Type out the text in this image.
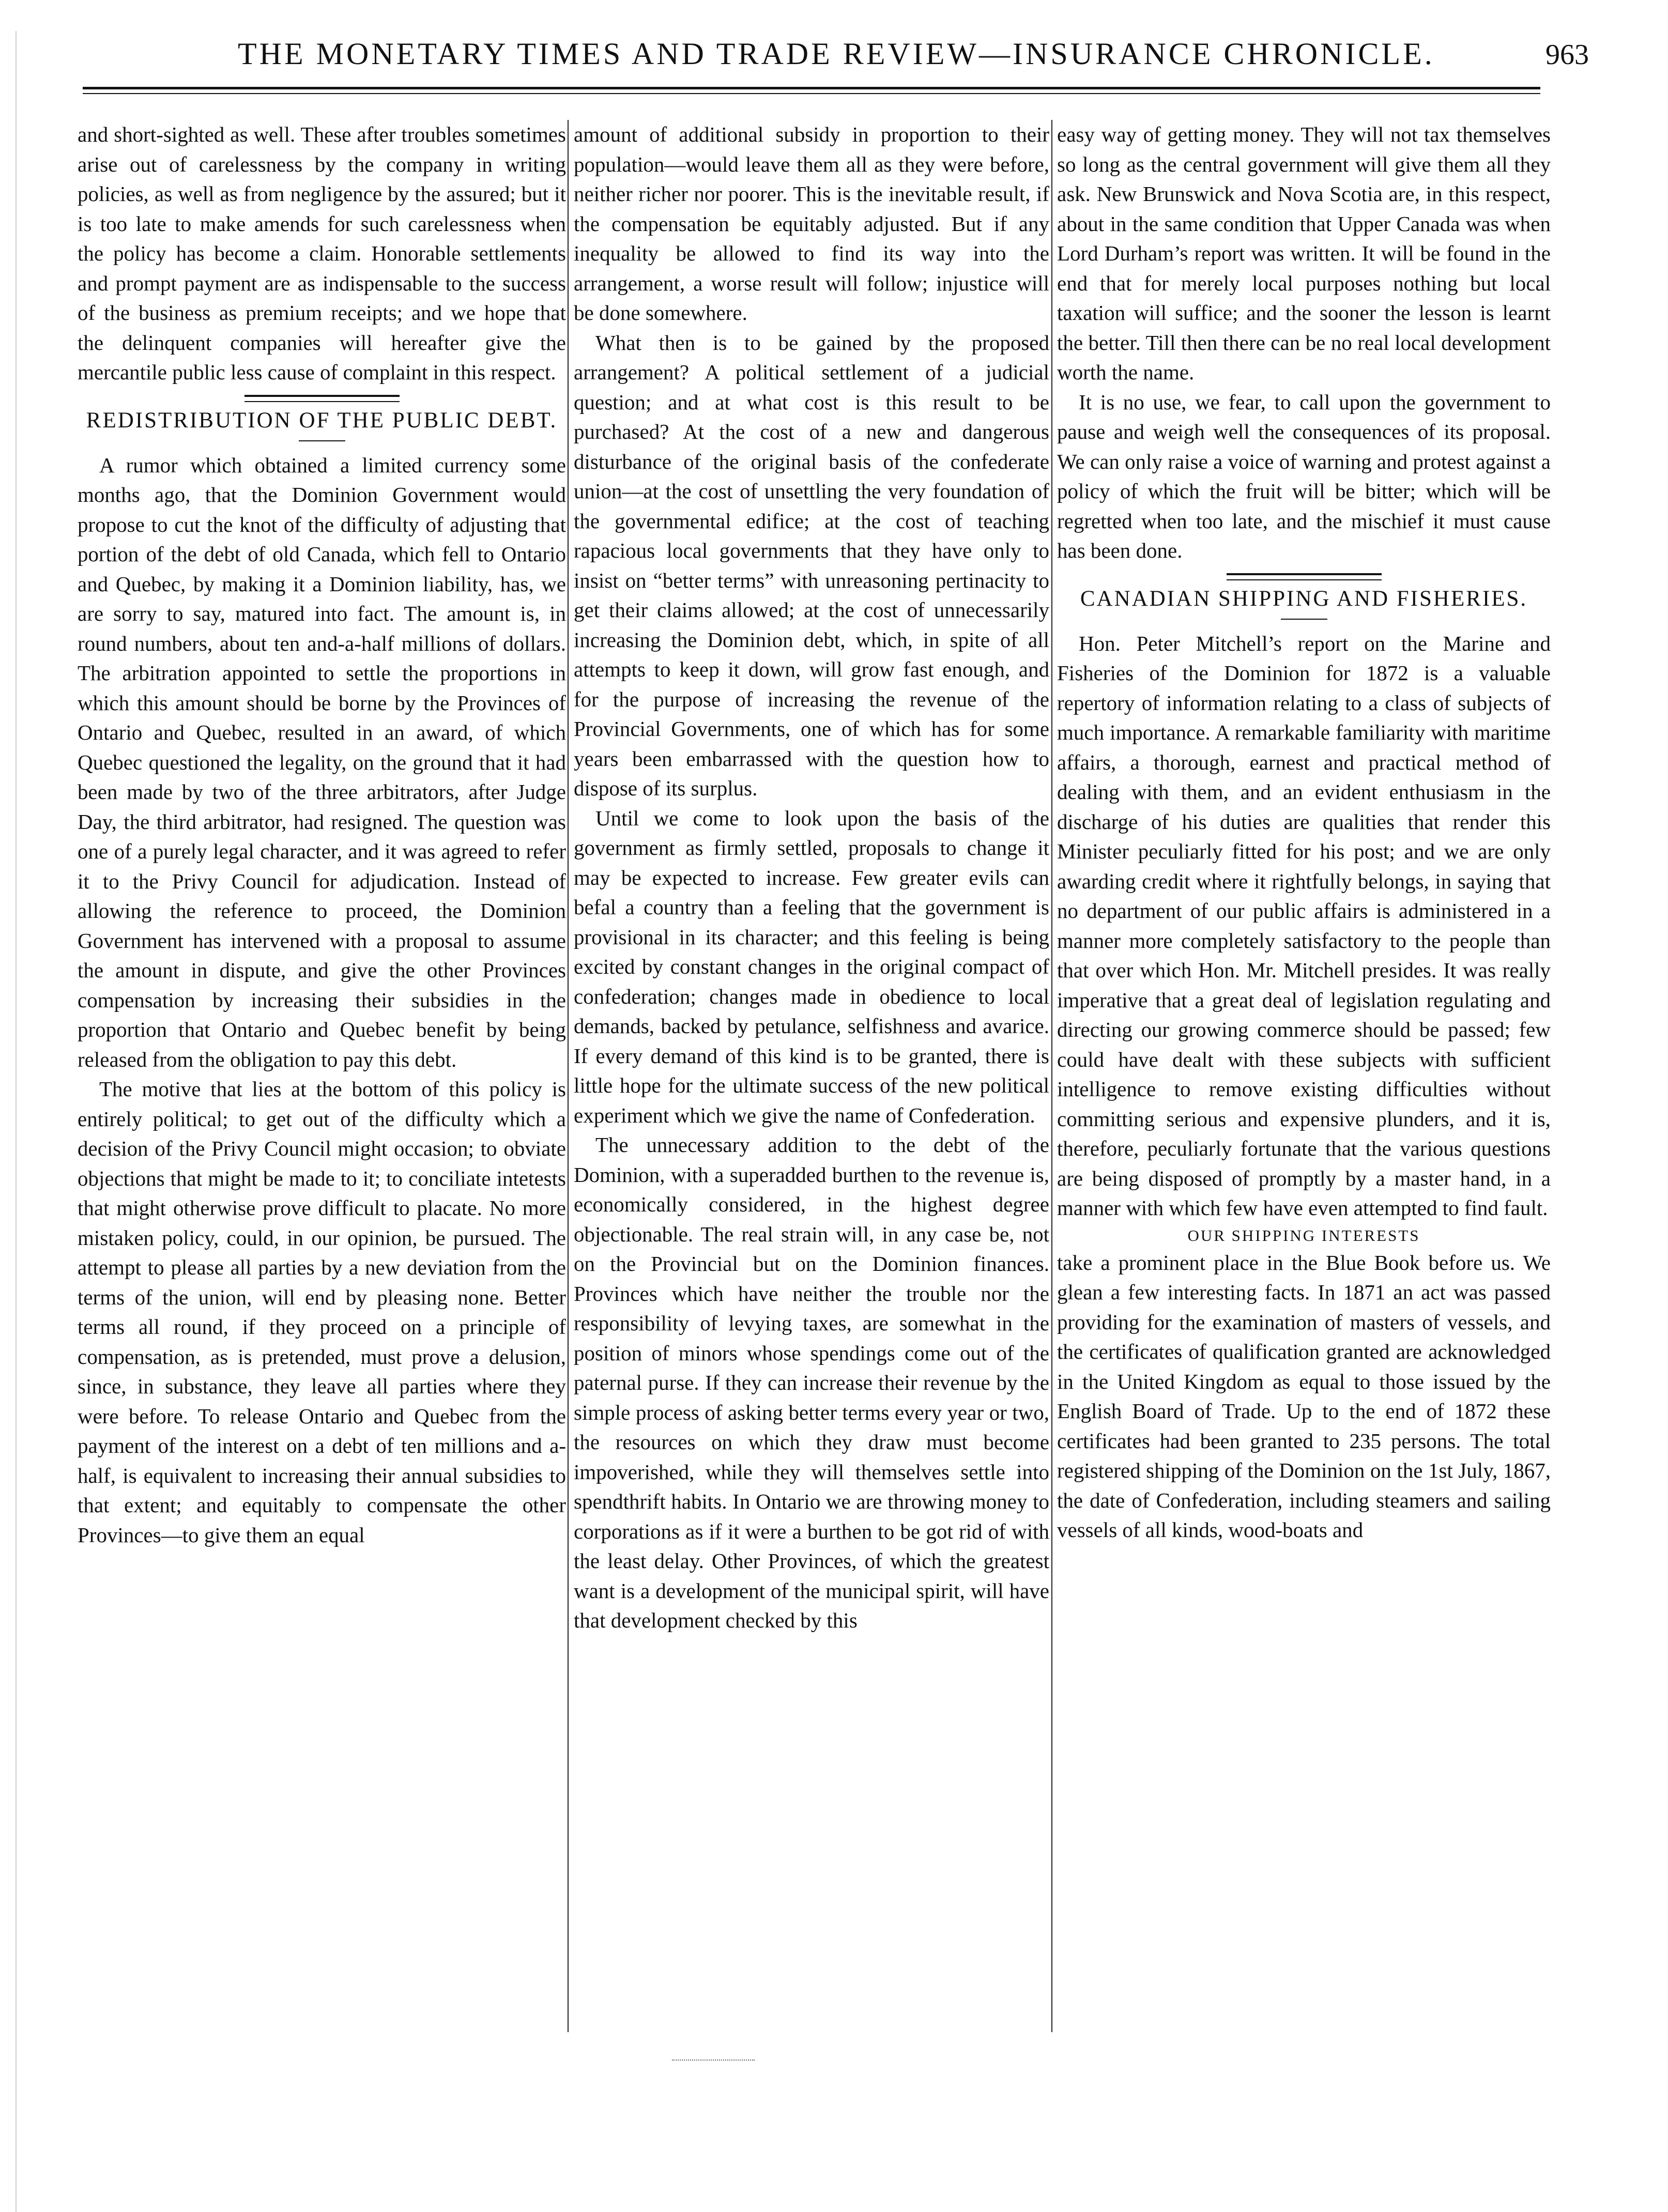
THE MONETARY TIMES AND TRADE REVIEW—INSURANCE CHRONICLE.	963

and short-sighted as well. These after troubles sometimes arise out of carelessness by the company in writing policies, as well as from negligence by the assured; but it is too late to make amends for such carelessness when the policy has become a claim. Honorable settlements and prompt payment are as indispensable to the success of the business as premium receipts; and we hope that the delinquent companies will hereafter give the mercantile public less cause of complaint in this respect.

REDISTRIBUTION OF THE PUBLIC DEBT.

A rumor which obtained a limited currency some months ago, that the Dominion Government would propose to cut the knot of the difficulty of adjusting that portion of the debt of old Canada, which fell to Ontario and Quebec, by making it a Dominion liability, has, we are sorry to say, matured into fact. The amount is, in round numbers, about ten and-a-half millions of dollars. The arbitration appointed to settle the proportions in which this amount should be borne by the Provinces of Ontario and Quebec, resulted in an award, of which Quebec questioned the legality, on the ground that it had been made by two of the three arbitrators, after Judge Day, the third arbitrator, had resigned. The question was one of a purely legal character, and it was agreed to refer it to the Privy Council for adjudication. Instead of allowing the reference to proceed, the Dominion Government has intervened with a proposal to assume the amount in dispute, and give the other Provinces compensation by increasing their subsidies in the proportion that Ontario and Quebec benefit by being released from the obligation to pay this debt.

The motive that lies at the bottom of this policy is entirely political; to get out of the difficulty which a decision of the Privy Council might occasion; to obviate objections that might be made to it; to conciliate intetests that might otherwise prove difficult to placate. No more mistaken policy, could, in our opinion, be pursued. The attempt to please all parties by a new deviation from the terms of the union, will end by pleasing none. Better terms all round, if they proceed on a principle of compensation, as is pretended, must prove a delusion, since, in substance, they leave all parties where they were before. To release Ontario and Quebec from the payment of the interest on a debt of ten millions and a-half, is equivalent to increasing their annual subsidies to that extent; and equitably to compensate the other Provinces—to give them an equal

amount of additional subsidy in proportion to their population—would leave them all as they were before, neither richer nor poorer. This is the inevitable result, if the compensation be equitably adjusted. But if any inequality be allowed to find its way into the arrangement, a worse result will follow; injustice will be done somewhere.

What then is to be gained by the proposed arrangement? A political settlement of a judicial question; and at what cost is this result to be purchased? At the cost of a new and dangerous disturbance of the original basis of the confederate union—at the cost of unsettling the very foundation of the governmental edifice; at the cost of teaching rapacious local governments that they have only to insist on “better terms” with unreasoning pertinacity to get their claims allowed; at the cost of unnecessarily increasing the Dominion debt, which, in spite of all attempts to keep it down, will grow fast enough, and for the purpose of increasing the revenue of the Provincial Governments, one of which has for some years been embarrassed with the question how to dispose of its surplus.

Until we come to look upon the basis of the government as firmly settled, proposals to change it may be expected to increase. Few greater evils can befal a country than a feeling that the government is provisional in its character; and this feeling is being excited by constant changes in the original compact of confederation; changes made in obedience to local demands, backed by petulance, selfishness and avarice. If every demand of this kind is to be granted, there is little hope for the ultimate success of the new political experiment which we give the name of Confederation.

The unnecessary addition to the debt of the Dominion, with a superadded burthen to the revenue is, economically considered, in the highest degree objectionable. The real strain will, in any case be, not on the Provincial but on the Dominion finances. Provinces which have neither the trouble nor the responsibility of levying taxes, are somewhat in the position of minors whose spendings come out of the paternal purse. If they can increase their revenue by the simple process of asking better terms every year or two, the resources on which they draw must become impoverished, while they will themselves settle into spendthrift habits. In Ontario we are throwing money to corporations as if it were a burthen to be got rid of with the least delay. Other Provinces, of which the greatest want is a development of the municipal spirit, will have that development checked by this

easy way of getting money. They will not tax themselves so long as the central government will give them all they ask. New Brunswick and Nova Scotia are, in this respect, about in the same condition that Upper Canada was when Lord Durham’s report was written. It will be found in the end that for merely local purposes nothing but local taxation will suffice; and the sooner the lesson is learnt the better. Till then there can be no real local development worth the name.

It is no use, we fear, to call upon the government to pause and weigh well the consequences of its proposal. We can only raise a voice of warning and protest against a policy of which the fruit will be bitter; which will be regretted when too late, and the mischief it must cause has been done.

CANADIAN SHIPPING AND FISHERIES.

Hon. Peter Mitchell’s report on the Marine and Fisheries of the Dominion for 1872 is a valuable repertory of information relating to a class of subjects of much importance. A remarkable familiarity with maritime affairs, a thorough, earnest and practical method of dealing with them, and an evident enthusiasm in the discharge of his duties are qualities that render this Minister peculiarly fitted for his post; and we are only awarding credit where it rightfully belongs, in saying that no department of our public affairs is administered in a manner more completely satisfactory to the people than that over which Hon. Mr. Mitchell presides. It was really imperative that a great deal of legislation regulating and directing our growing commerce should be passed; few could have dealt with these subjects with sufficient intelligence to remove existing difficulties without committing serious and expensive plunders, and it is, therefore, peculiarly fortunate that the various questions are being disposed of promptly by a master hand, in a manner with which few have even attempted to find fault.

OUR SHIPPING INTERESTS

take a prominent place in the Blue Book before us. We glean a few interesting facts. In 1871 an act was passed providing for the examination of masters of vessels, and the certificates of qualification granted are acknowledged in the United Kingdom as equal to those issued by the English Board of Trade. Up to the end of 1872 these certificates had been granted to 235 persons. The total registered shipping of the Dominion on the 1st July, 1867, the date of Confederation, including steamers and sailing vessels of all kinds, wood-boats and
